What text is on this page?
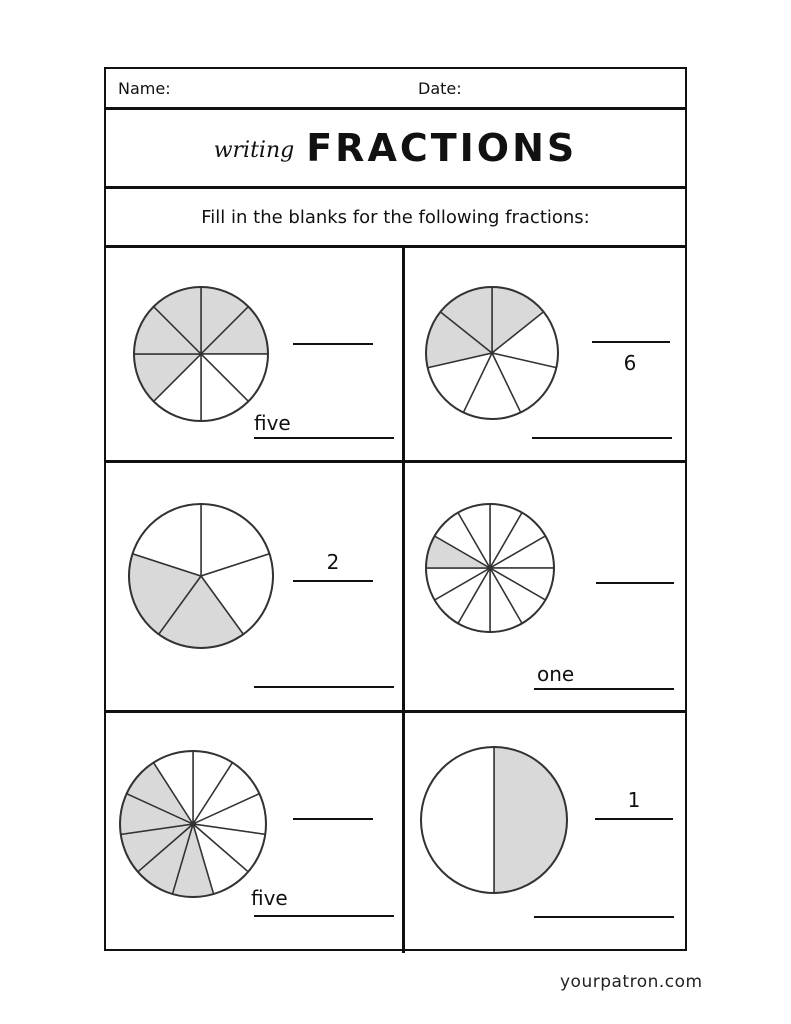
Name:	Date:
writing FRACTIONS
Fill in the blanks for the following fractions:
five
6
2
one
five
1
yourpatron.com
